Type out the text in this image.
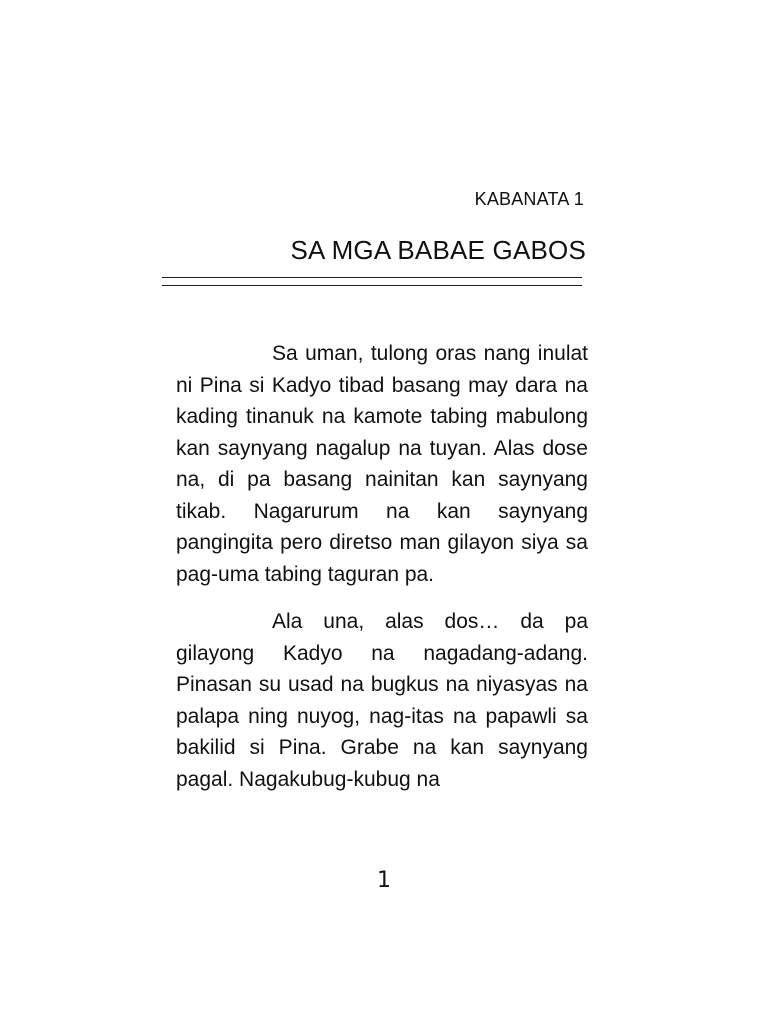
KABANATA 1
SA MGA BABAE GABOS

Sa uman, tulong oras nang inulat ni Pina si Kadyo tibad basang may dara na kading tinanuk na kamote tabing mabulong kan saynyang nagalup na tuyan. Alas dose na, di pa basang nainitan kan saynyang tikab. Nagarurum na kan saynyang pangingita pero diretso man gilayon siya sa pag-uma tabing taguran pa.

Ala una, alas dos… da pa gilayong Kadyo na nagadang-adang. Pinasan su usad na bugkus na niyasyas na palapa ning nuyog, nag-itas na papawli sa bakilid si Pina. Grabe na kan saynyang pagal. Nagakubug-kubug na

1
